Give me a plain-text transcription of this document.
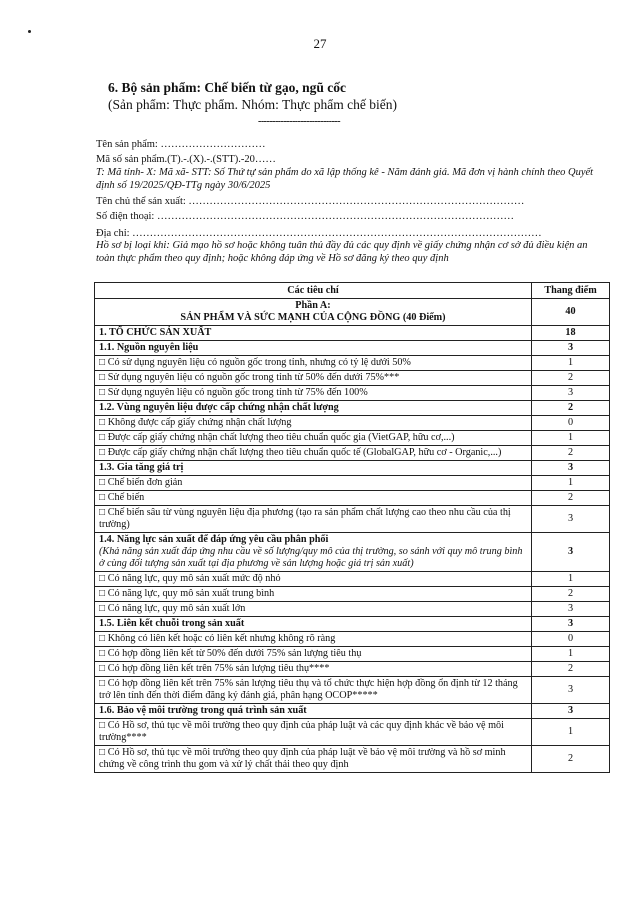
27
6. Bộ sản phẩm: Chế biến từ gạo, ngũ cốc
(Sản phẩm: Thực phẩm. Nhóm: Thực phẩm chế biến)
-----------------------------
Tên sản phẩm: …………………………
Mã số sản phẩm.(T).-.(X).-.(STT).-20……
T: Mã tỉnh- X: Mã xã- STT: Số Thứ tự sản phẩm do xã lập thống kê - Năm đánh giá. Mã đơn vị hành chính theo Quyết định số 19/2025/QĐ-TTg ngày 30/6/2025
Tên chủ thể sản xuất: ……………………………………………………………………………………
Số điện thoại: …………………………………………………………………………………………
Địa chỉ: ………………………………………………………………………………………………………
Hồ sơ bị loại khi: Giả mạo hồ sơ hoặc không tuân thủ đầy đủ các quy định về giấy chứng nhận cơ sở đủ điều kiện an toàn thực phẩm theo quy định; hoặc không đáp ứng về Hồ sơ đăng ký theo quy định
Các tiêu chí	Thang điểm
Phần A:
SẢN PHẨM VÀ SỨC MẠNH CỦA CỘNG ĐỒNG (40 Điểm)	40
1. TỔ CHỨC SẢN XUẤT	18
1.1. Nguồn nguyên liệu	3
□ Có sử dụng nguyên liệu có nguồn gốc trong tỉnh, nhưng có tỷ lệ dưới 50%	1
□ Sử dụng nguyên liệu có nguồn gốc trong tỉnh từ 50% đến dưới 75%***	2
□ Sử dụng nguyên liệu có nguồn gốc trong tỉnh từ 75% đến 100%	3
1.2. Vùng nguyên liệu được cấp chứng nhận chất lượng	2
□ Không được cấp giấy chứng nhận chất lượng	0
□ Được cấp giấy chứng nhận chất lượng theo tiêu chuẩn quốc gia (VietGAP, hữu cơ,...)	1
□ Được cấp giấy chứng nhận chất lượng theo tiêu chuẩn quốc tế (GlobalGAP, hữu cơ - Organic,...)	2
1.3. Gia tăng giá trị	3
□ Chế biến đơn giản	1
□ Chế biến	2
□ Chế biến sâu từ vùng nguyên liệu địa phương (tạo ra sản phẩm chất lượng cao theo nhu cầu của thị trường)	3
1.4. Năng lực sản xuất để đáp ứng yêu cầu phân phối
(Khả năng sản xuất đáp ứng nhu cầu về số lượng/quy mô của thị trường, so sánh với quy mô trung bình ở cùng đối tượng sản xuất tại địa phương về sản lượng hoặc giá trị sản xuất)	3
□ Có năng lực, quy mô sản xuất mức độ nhỏ	1
□ Có năng lực, quy mô sản xuất trung bình	2
□ Có năng lực, quy mô sản xuất lớn	3
1.5. Liên kết chuỗi trong sản xuất	3
□ Không có liên kết hoặc có liên kết nhưng không rõ ràng	0
□ Có hợp đồng liên kết từ 50% đến dưới 75% sản lượng tiêu thụ	1
□ Có hợp đồng liên kết trên 75% sản lượng tiêu thụ****	2
□ Có hợp đồng liên kết trên 75% sản lượng tiêu thụ và tổ chức thực hiện hợp đồng ổn định từ 12 tháng trở lên tính đến thời điểm đăng ký đánh giá, phân hạng OCOP*****	3
1.6. Bảo vệ môi trường trong quá trình sản xuất	3
□ Có Hồ sơ, thủ tục về môi trường theo quy định của pháp luật và các quy định khác về bảo vệ môi trường****	1
□ Có Hồ sơ, thủ tục về môi trường theo quy định của pháp luật về bảo vệ môi trường và hồ sơ minh chứng về công trình thu gom và xử lý chất thải theo quy định	2
